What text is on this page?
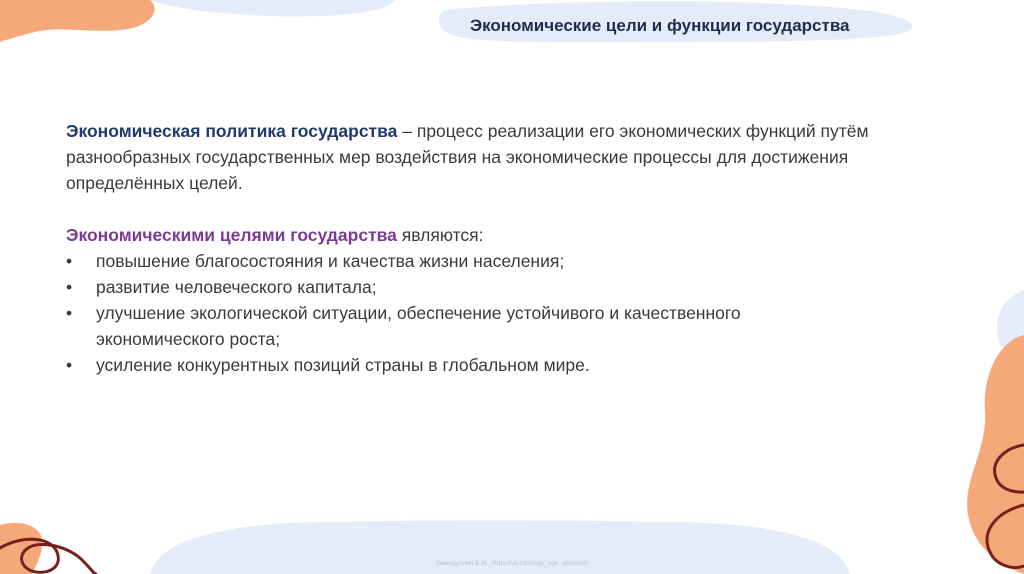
Экономические цели и функции государства

Экономическая политика государства – процесс реализации его экономических функций путём разнообразных государственных мер воздействия на экономические процессы для достижения определённых целей.

Экономическими целями государства являются:

• повышение благосостояния и качества жизни населения;
• развитие человеческого капитала;
• улучшение экологической ситуации, обеспечение устойчивого и качественного экономического роста;
• усиление конкурентных позиций страны в глобальном мире.
Хамидуллин Б.И._https://vk.com/ege_oge_obshestv
